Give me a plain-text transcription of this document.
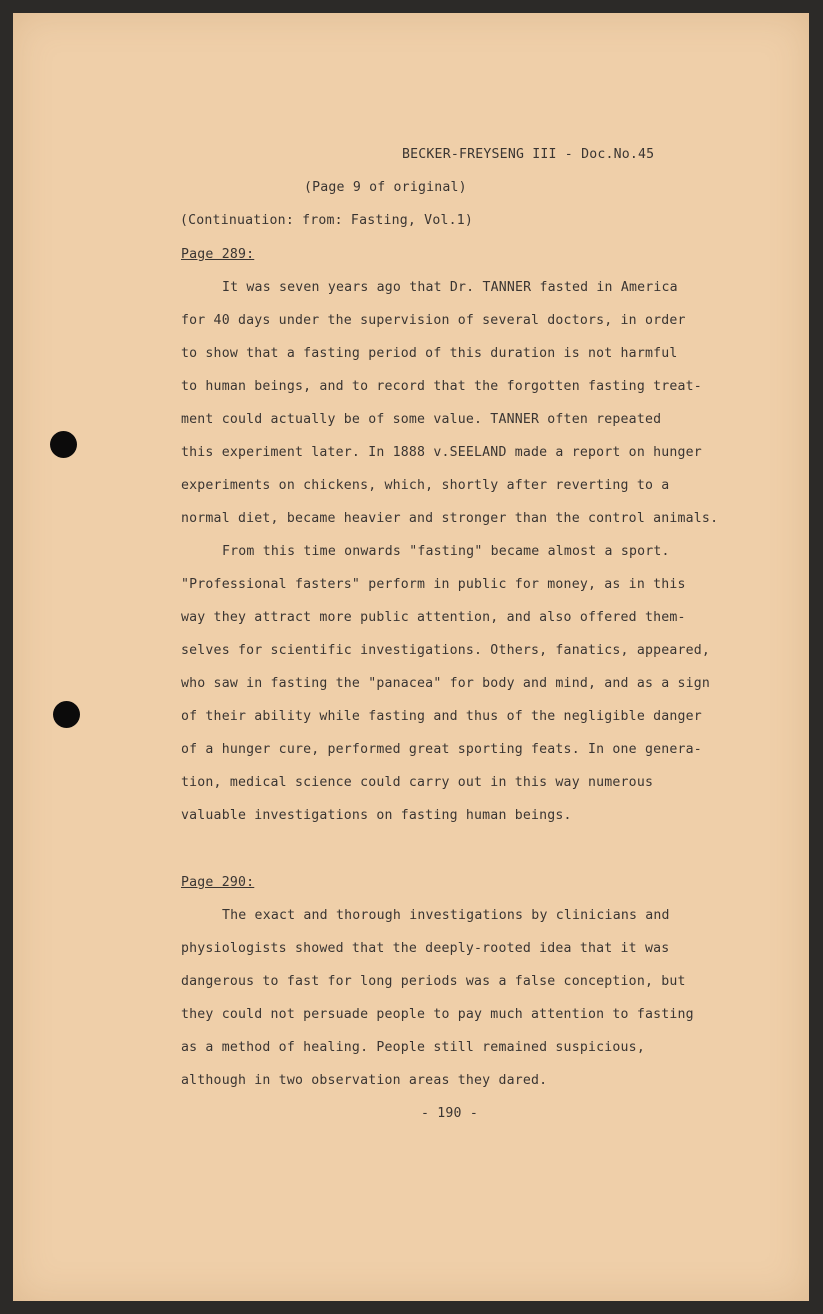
BECKER-FREYSENG III - Doc.No.45

(Page 9 of original)

(Continuation: from: Fasting, Vol.1)

Page 289:

It was seven years ago that Dr. TANNER fasted in America

for 40 days under the supervision of several doctors, in order

to show that a fasting period of this duration is not harmful

to human beings, and to record that the forgotten fasting treat-

ment could actually be of some value. TANNER often repeated

this experiment later. In 1888 v.SEELAND made a report on hunger

experiments on chickens, which, shortly after reverting to a

normal diet, became heavier and stronger than the control animals.

From this time onwards "fasting" became almost a sport.

"Professional fasters" perform in public for money, as in this

way they attract more public attention, and also offered them-

selves for scientific investigations. Others, fanatics, appeared,

who saw in fasting the "panacea" for body and mind, and as a sign

of their ability while fasting and thus of the negligible danger

of a hunger cure, performed great sporting feats. In one genera-

tion, medical science could carry out in this way numerous

valuable investigations on fasting human beings.

Page 290:

The exact and thorough investigations by clinicians and

physiologists showed that the deeply-rooted idea that it was

dangerous to fast for long periods was a false conception, but

they could not persuade people to pay much attention to fasting

as a method of healing. People still remained suspicious,

although in two observation areas they dared.

- 190 -
